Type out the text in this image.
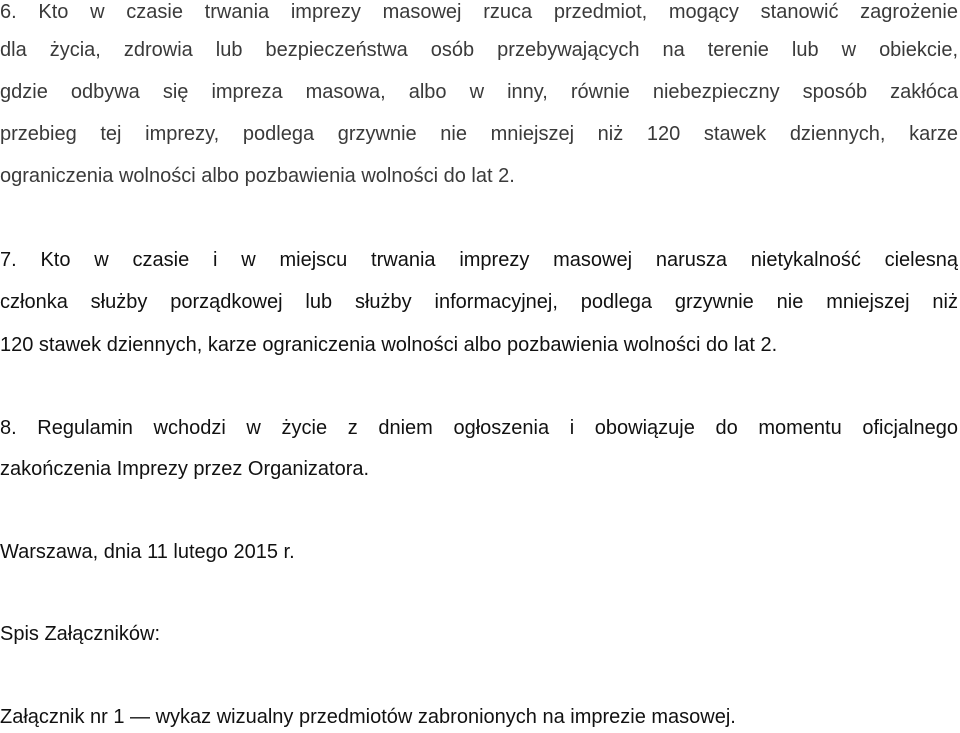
6. Kto w czasie trwania imprezy masowej rzuca przedmiot, mogący stanowić zagrożenie
dla życia, zdrowia lub bezpieczeństwa osób przebywających na terenie lub w obiekcie,
gdzie odbywa się impreza masowa, albo w inny, równie niebezpieczny sposób zakłóca
przebieg tej imprezy, podlega grzywnie nie mniejszej niż 120 stawek dziennych, karze
ograniczenia wolności albo pozbawienia wolności do lat 2.
7. Kto w czasie i w miejscu trwania imprezy masowej narusza nietykalność cielesną
członka służby porządkowej lub służby informacyjnej, podlega grzywnie nie mniejszej niż
120 stawek dziennych, karze ograniczenia wolności albo pozbawienia wolności do lat 2.
8. Regulamin wchodzi w życie z dniem ogłoszenia i obowiązuje do momentu oficjalnego
zakończenia Imprezy przez Organizatora.
Warszawa, dnia 11 lutego 2015 r.
Spis Załączników:
Załącznik nr 1 — wykaz wizualny przedmiotów zabronionych na imprezie masowej.
